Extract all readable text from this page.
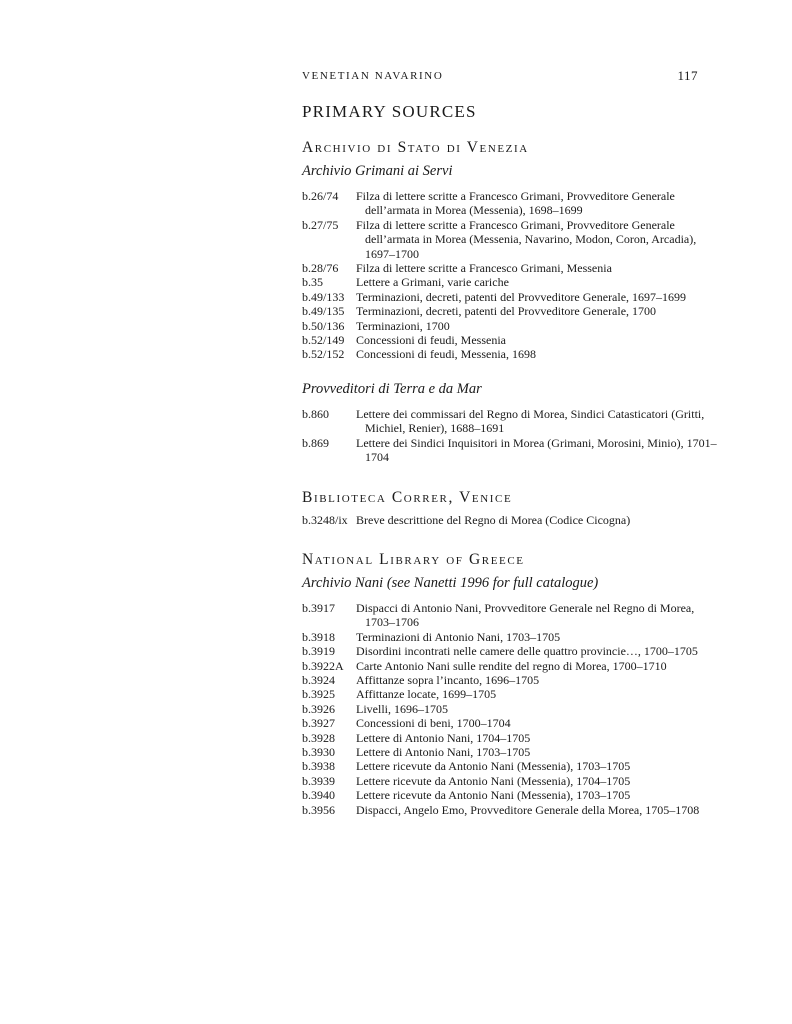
VENETIAN NAVARINO	117
PRIMARY SOURCES
Archivio di Stato di Venezia
Archivio Grimani ai Servi
b.26/74	Filza di lettere scritte a Francesco Grimani, Provveditore Generale dell’armata in Morea (Messenia), 1698–1699
b.27/75	Filza di lettere scritte a Francesco Grimani, Provveditore Generale dell’armata in Morea (Messenia, Navarino, Modon, Coron, Arcadia), 1697–1700
b.28/76	Filza di lettere scritte a Francesco Grimani, Messenia
b.35	Lettere a Grimani, varie cariche
b.49/133 Terminazioni, decreti, patenti del Provveditore Generale, 1697–1699
b.49/135 Terminazioni, decreti, patenti del Provveditore Generale, 1700
b.50/136 Terminazioni, 1700
b.52/149 Concessioni di feudi, Messenia
b.52/152 Concessioni di feudi, Messenia, 1698
Provveditori di Terra e da Mar
b.860	Lettere dei commissari del Regno di Morea, Sindici Catasticatori (Gritti, Michiel, Renier), 1688–1691
b.869	Lettere dei Sindici Inquisitori in Morea (Grimani, Morosini, Minio), 1701–1704
Biblioteca Correr, Venice
b.3248/ix Breve descrittione del Regno di Morea (Codice Cicogna)
National Library of Greece
Archivio Nani (see Nanetti 1996 for full catalogue)
b.3917	Dispacci di Antonio Nani, Provveditore Generale nel Regno di Morea, 1703–1706
b.3918	Terminazioni di Antonio Nani, 1703–1705
b.3919	Disordini incontrati nelle camere delle quattro provincie…, 1700–1705
b.3922A	Carte Antonio Nani sulle rendite del regno di Morea, 1700–1710
b.3924	Affittanze sopra l’incanto, 1696–1705
b.3925	Affittanze locate, 1699–1705
b.3926	Livelli, 1696–1705
b.3927	Concessioni di beni, 1700–1704
b.3928	Lettere di Antonio Nani, 1704–1705
b.3930	Lettere di Antonio Nani, 1703–1705
b.3938	Lettere ricevute da Antonio Nani (Messenia), 1703–1705
b.3939	Lettere ricevute da Antonio Nani (Messenia), 1704–1705
b.3940	Lettere ricevute da Antonio Nani (Messenia), 1703–1705
b.3956	Dispacci, Angelo Emo, Provveditore Generale della Morea, 1705–1708
